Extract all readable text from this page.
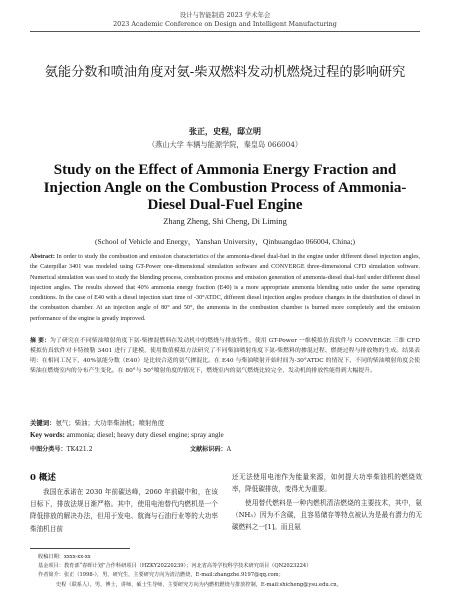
设计与智能制造 2023 学术年会
2023 Academic Conference on Design and Intelligent Manufacturing
氨能分数和喷油角度对氨-柴双燃料发动机燃烧过程的影响研究
张正，史程，邸立明
（燕山大学 车辆与能源学院，秦皇岛 066004）
Study on the Effect of Ammonia Energy Fraction and Injection Angle on the Combustion Process of Ammonia-Diesel Dual-Fuel Engine
Zhang Zheng, Shi Cheng, Di Liming
(School of Vehicle and Energy，Yanshan University，Qinhuangdao 066004, China;)
Abstract: In order to study the combustion and emission characteristics of the ammonia-diesel dual-fuel in the engine under different diesel injection angles, the Caterpillar 3401 was modeled using GT-Power one-dimensional simulation software and CONVERGE three-dimensional CFD simulation software. Numerical simulation was used to study the blending process, combustion process and emission generation of ammonia-diesel dual-fuel under different diesel injection angles. The results showed that 40% ammonia energy fraction (E40) is a more appropriate ammonia blending ratio under the same operating conditions. In the case of E40 with a diesel injection start time of -30°ATDC, different diesel injection angles produce changes in the distribution of diesel in the combustion chamber. At an injection angle of 80° and 50°, the ammonia in the combustion chamber is burned more completely and the emission performance of the engine is greatly improved.
摘 要：为了研究在不同柴油喷射角度下氨-柴掺混燃料在发动机中的燃烧与排放特性，使用 GT-Power 一维模拟仿真软件与 CONVERGE 三维 CFD 模拟仿真软件对卡特彼勒 3401 进行了建模，使用数值模拟方法研究了不同柴油喷射角度下氨-柴燃料的掺混过程、燃烧过程与排放物的生成。结果表明：在相同工况下，40%氨能分数（E40）是比较合适的氨气掺混比。在 E40 与柴油喷射开始时间为-30°ATDC 的情况下，不同的柴油喷射角度会使柴油在燃烧室内的分布产生变化。在 80°与 50°喷射角度的情况下，燃烧室内的氨气燃烧比较完全，发动机的排放性能得到大幅提升。
关键词：氨气；柴油；大功率柴油机；喷射角度
Key words: ammonia; diesel; heavy duty diesel engine; spray angle
中图分类号：TK421.2	文献标识码：A
0 概述
我国在承诺在 2030 年前碳达峰，2060 年前碳中和，在该目标下，排放法规日渐严格。其中，使用电池替代内燃机是一个降低排放的解决办法，但用于发电、航海与石油行业等的大功率柴油机目前
还无法使用电池作为能量来源，如何提大功率柴油机的燃烧效率，降低碳排放，变得尤为重要。
使用替代燃料是一种内燃机清洁燃烧的主要技术，其中，氨（NH₃）因为不含碳，且容易储存等特点被认为是最有潜力的无碳燃料之一[1]。而且氨
收稿日期：xxxx-xx-xx
基金项目：教育部“春晖计划”合作科研项目（HZKY20220239）；河北省高等学校科学技术研究项目（QN2023224）
作者简介：张正（1998-），男，研究生，主要研究方向为清洁燃烧，E-mail:zhangzhe.9197@qq.com；
史程（联系人），男，博士，讲师，硕士生导师，主要研究方向为内燃机燃烧与排放控制，E-mail:shicheng@ysu.edu.cn。
